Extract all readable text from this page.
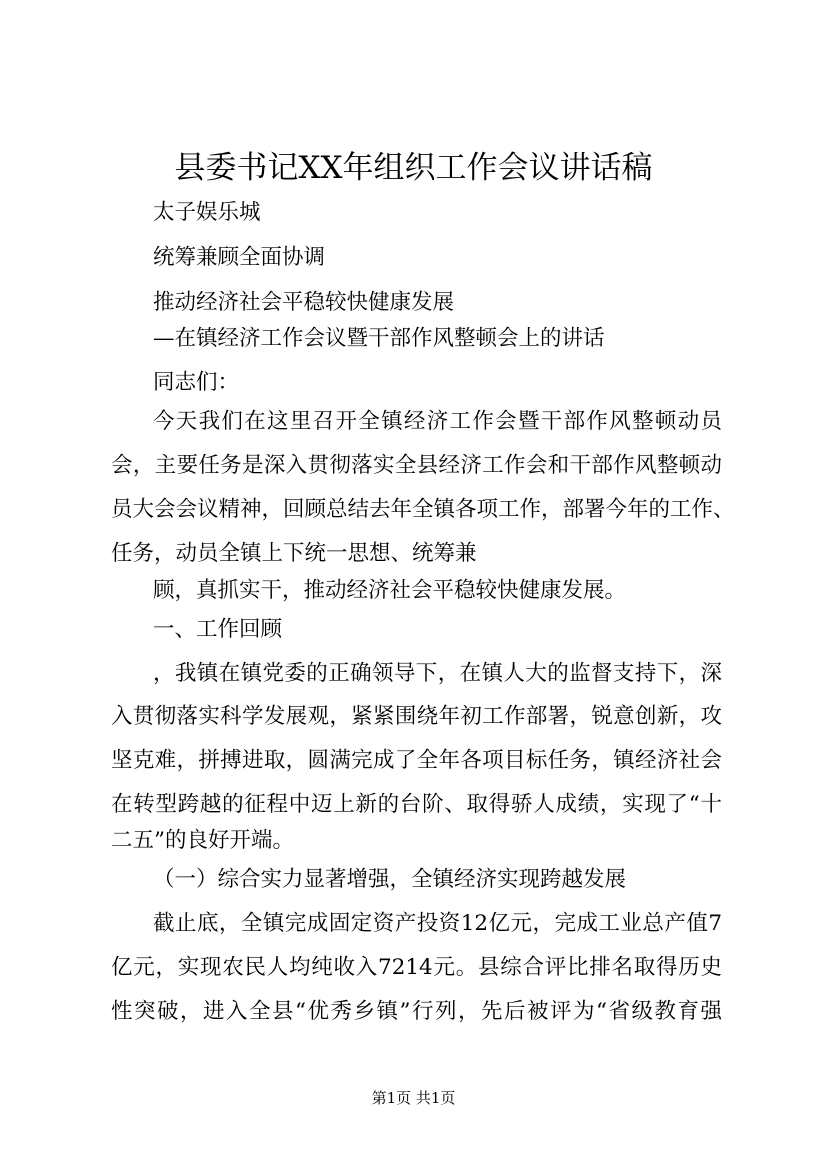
县委书记XX年组织工作会议讲话稿
太子娱乐城
统筹兼顾全面协调
推动经济社会平稳较快健康发展
—在镇经济工作会议暨干部作风整顿会上的讲话
同志们：
今天我们在这里召开全镇经济工作会暨干部作风整顿动员
会，主要任务是深入贯彻落实全县经济工作会和干部作风整顿动
员大会会议精神，回顾总结去年全镇各项工作，部署今年的工作、
任务，动员全镇上下统一思想、统筹兼
顾，真抓实干，推动经济社会平稳较快健康发展。
一、工作回顾
，我镇在镇党委的正确领导下，在镇人大的监督支持下，深
入贯彻落实科学发展观，紧紧围绕年初工作部署，锐意创新，攻
坚克难，拼搏进取，圆满完成了全年各项目标任务，镇经济社会
在转型跨越的征程中迈上新的台阶、取得骄人成绩，实现了“十
二五”的良好开端。
（一）综合实力显著增强，全镇经济实现跨越发展
截止底，全镇完成固定资产投资12亿元，完成工业总产值7
亿元，实现农民人均纯收入7214元。县综合评比排名取得历史
性突破，进入全县“优秀乡镇”行列，先后被评为“省级教育强
第1页 共1页
